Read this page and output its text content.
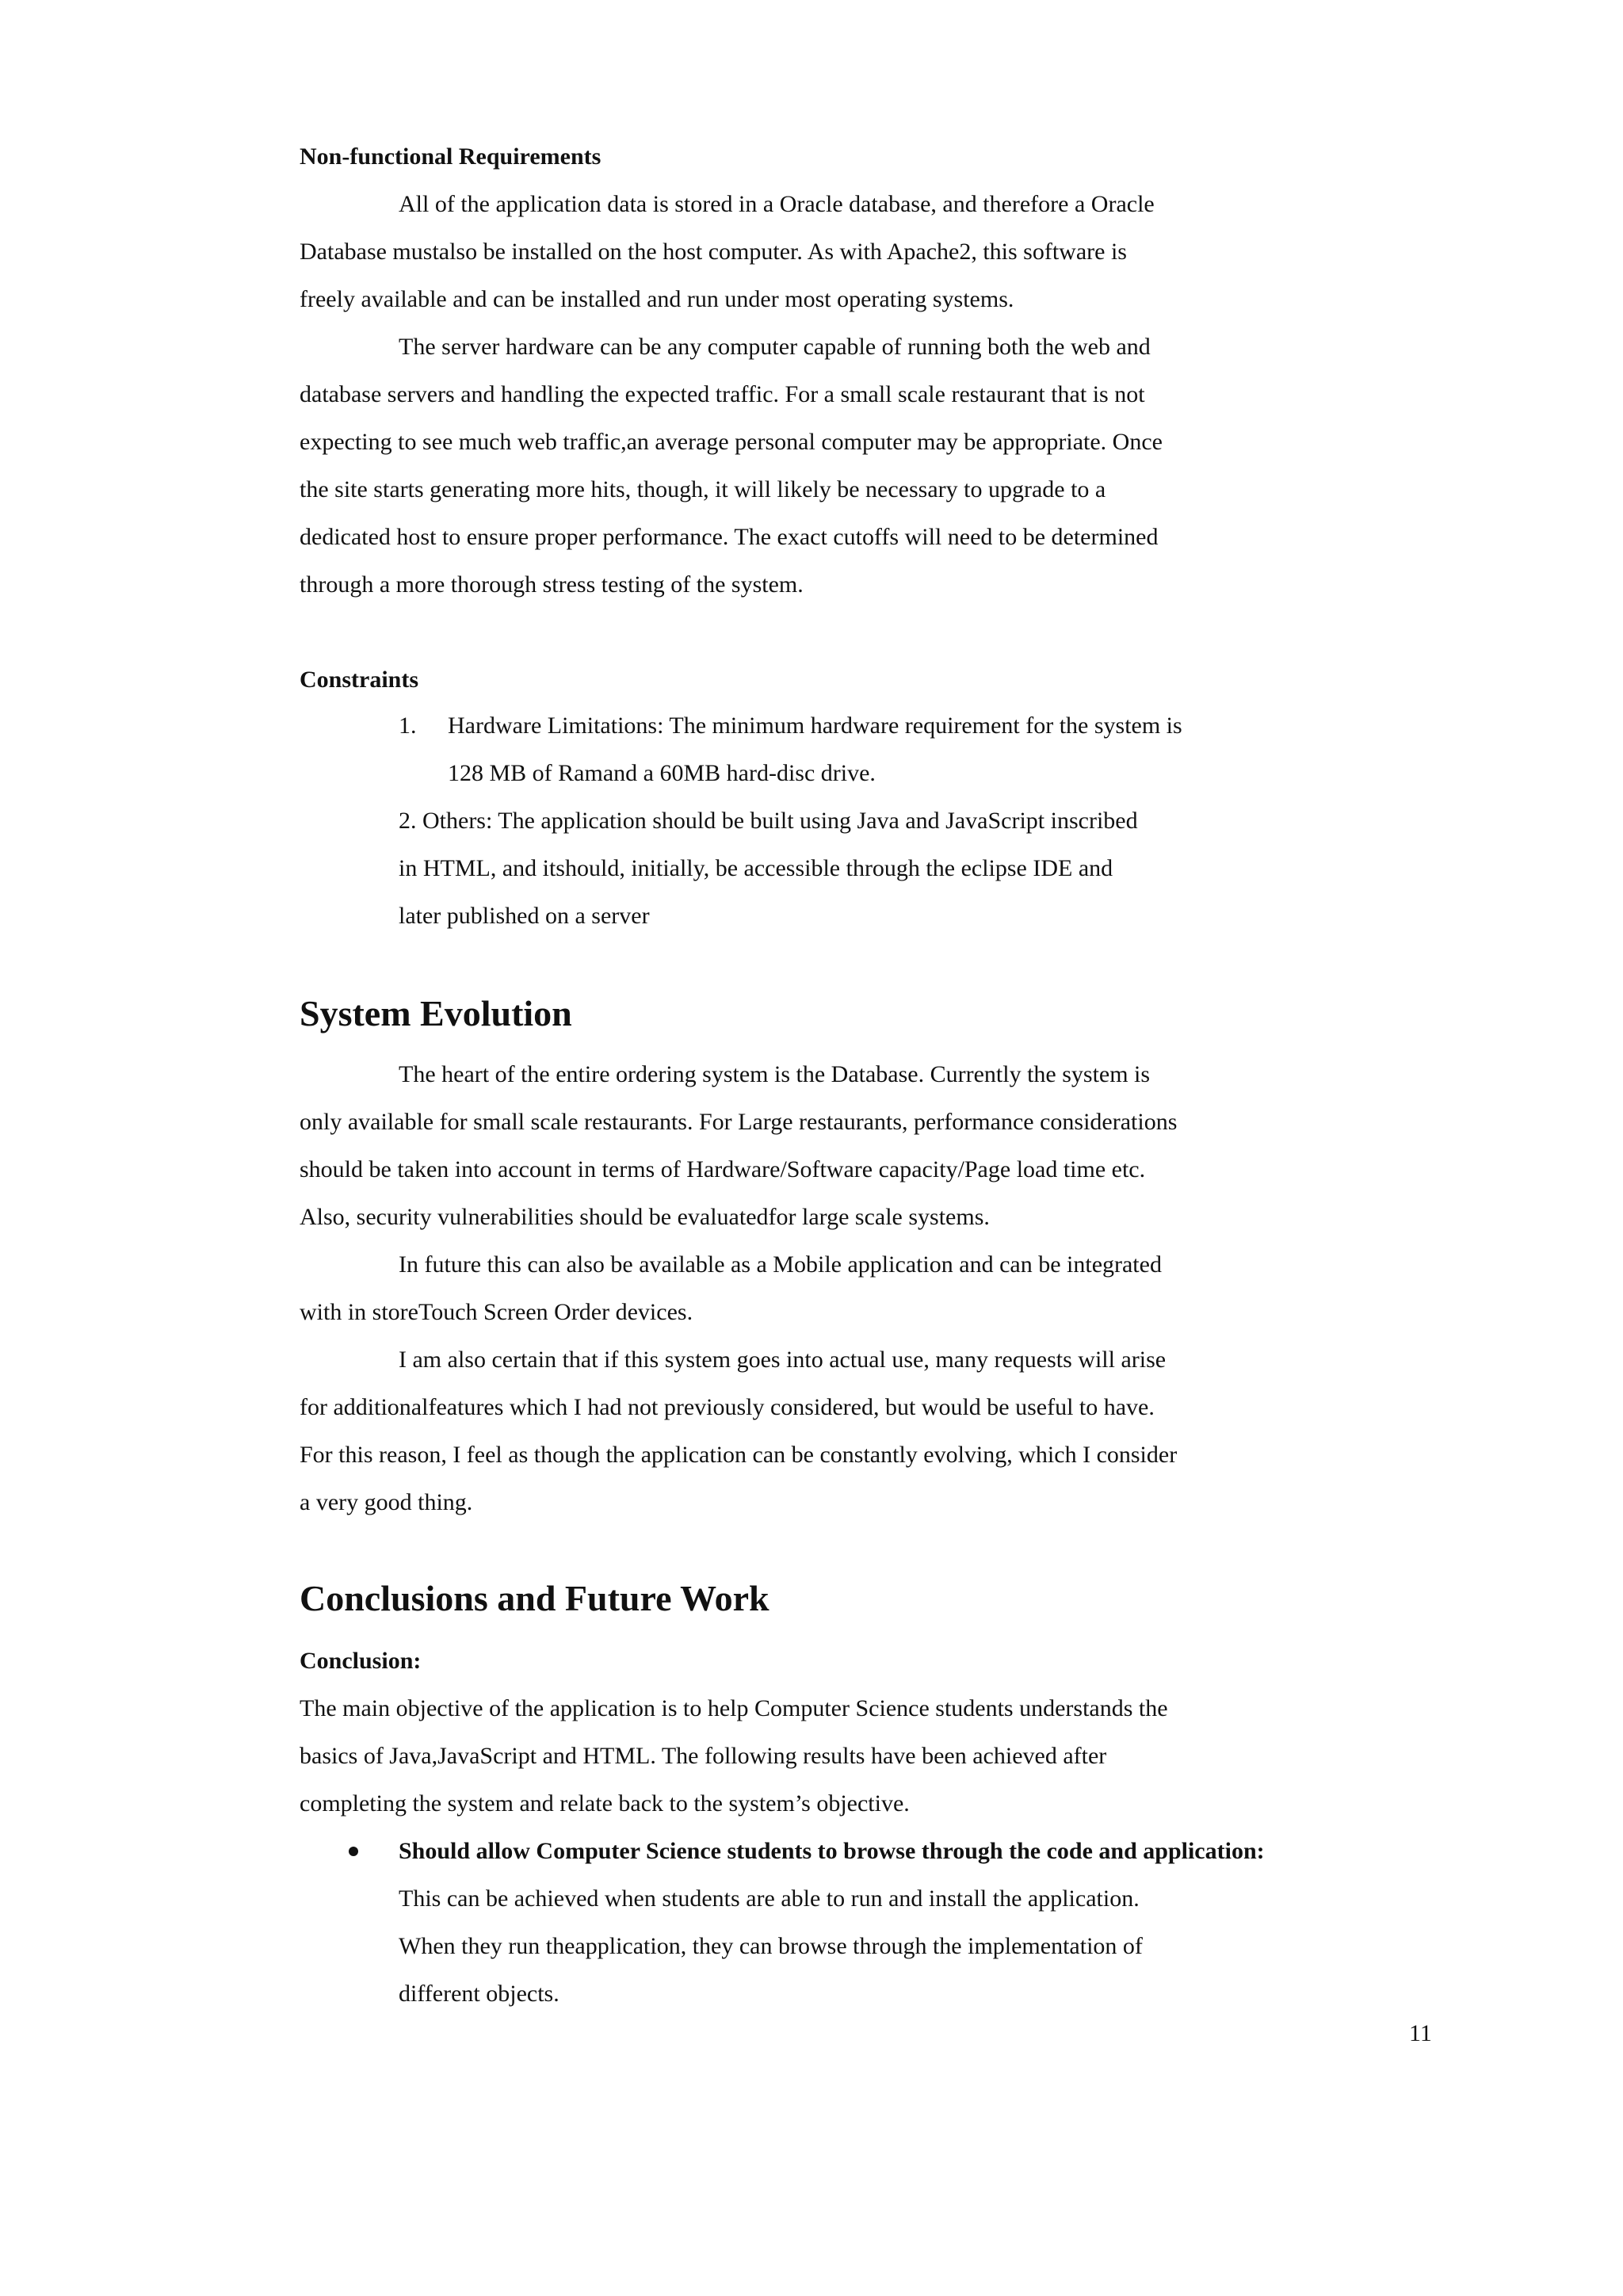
Non-functional Requirements
All of the application data is stored in a Oracle database, and therefore a Oracle
Database mustalso be installed on the host computer. As with Apache2, this software is
freely available and can be installed and run under most operating systems.
The server hardware can be any computer capable of running both the web and
database servers and handling the expected traffic. For a small scale restaurant that is not
expecting to see much web traffic,an average personal computer may be appropriate. Once
the site starts generating more hits, though, it will likely be necessary to upgrade to a
dedicated host to ensure proper performance. The exact cutoffs will need to be determined
through a more thorough stress testing of the system.
Constraints
1. Hardware Limitations: The minimum hardware requirement for the system is
128 MB of Ramand a 60MB hard-disc drive.
2. Others: The application should be built using Java and JavaScript inscribed
in HTML, and itshould, initially, be accessible through the eclipse IDE and
later published on a server
System Evolution
The heart of the entire ordering system is the Database. Currently the system is
only available for small scale restaurants. For Large restaurants, performance considerations
should be taken into account in terms of Hardware/Software capacity/Page load time etc.
Also, security vulnerabilities should be evaluatedfor large scale systems.
In future this can also be available as a Mobile application and can be integrated
with in storeTouch Screen Order devices.
I am also certain that if this system goes into actual use, many requests will arise
for additionalfeatures which I had not previously considered, but would be useful to have.
For this reason, I feel as though the application can be constantly evolving, which I consider
a very good thing.
Conclusions and Future Work
Conclusion:
The main objective of the application is to help Computer Science students understands the
basics of Java,JavaScript and HTML. The following results have been achieved after
completing the system and relate back to the system’s objective.
Should allow Computer Science students to browse through the code and application:
This can be achieved when students are able to run and install the application.
When they run theapplication, they can browse through the implementation of
different objects.
11
